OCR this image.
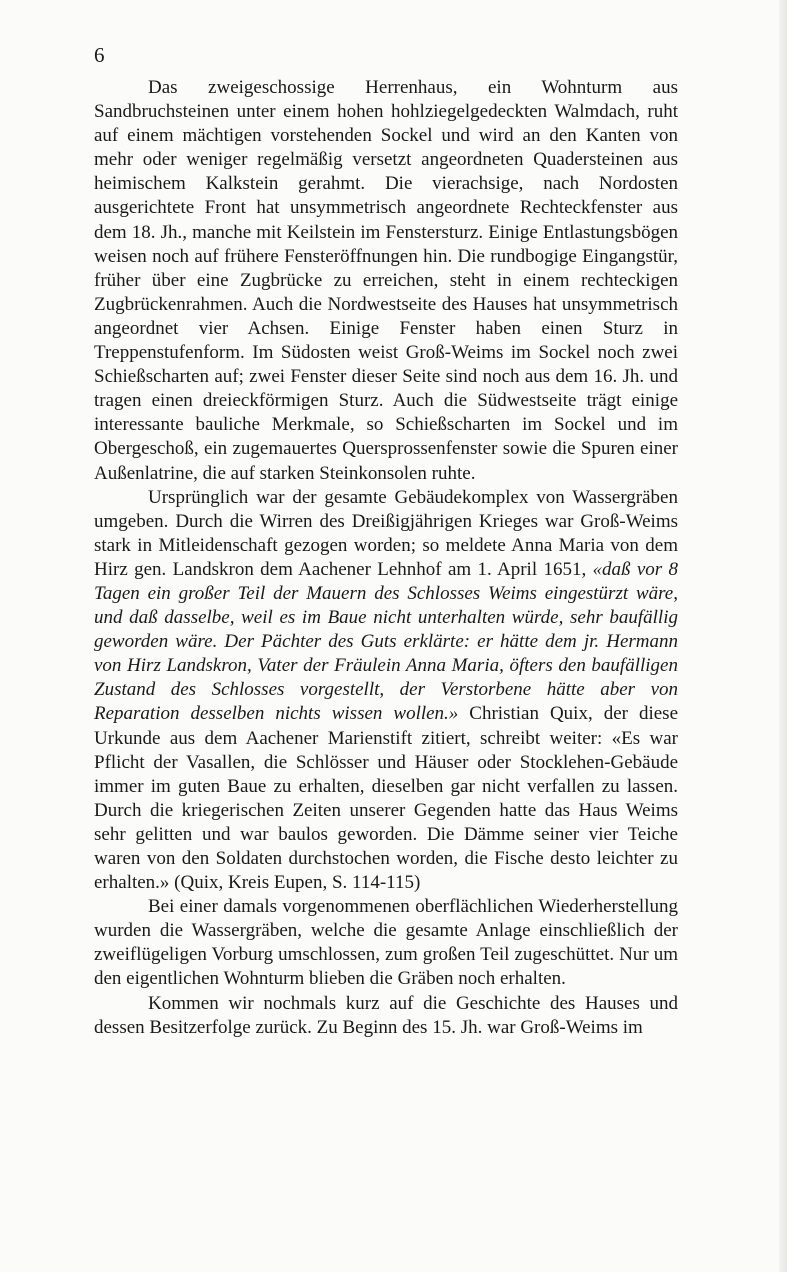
6

Das zweigeschossige Herrenhaus, ein Wohnturm aus Sandbruchsteinen unter einem hohen hohlziegelgedeckten Walmdach, ruht auf einem mächtigen vorstehenden Sockel und wird an den Kanten von mehr oder weniger regelmäßig versetzt angeordneten Quadersteinen aus heimischem Kalkstein gerahmt. Die vierachsige, nach Nordosten ausgerichtete Front hat unsymmetrisch angeordnete Rechteckfenster aus dem 18. Jh., manche mit Keilstein im Fenstersturz. Einige Entlastungsbögen weisen noch auf frühere Fensteröffnungen hin. Die rundbogige Eingangstür, früher über eine Zugbrücke zu erreichen, steht in einem rechteckigen Zugbrückenrahmen. Auch die Nordwestseite des Hauses hat unsymmetrisch angeordnet vier Achsen. Einige Fenster haben einen Sturz in Treppenstufenform. Im Südosten weist Groß-Weims im Sockel noch zwei Schießscharten auf; zwei Fenster dieser Seite sind noch aus dem 16. Jh. und tragen einen dreieckförmigen Sturz. Auch die Südwestseite trägt einige interessante bauliche Merkmale, so Schießscharten im Sockel und im Obergeschoß, ein zugemauertes Quersprossenfenster sowie die Spuren einer Außenlatrine, die auf starken Steinkonsolen ruhte.

Ursprünglich war der gesamte Gebäudekomplex von Wassergräben umgeben. Durch die Wirren des Dreißigjährigen Krieges war Groß-Weims stark in Mitleidenschaft gezogen worden; so meldete Anna Maria von dem Hirz gen. Landskron dem Aachener Lehnhof am 1. April 1651, «daß vor 8 Tagen ein großer Teil der Mauern des Schlosses Weims eingestürzt wäre, und daß dasselbe, weil es im Baue nicht unterhalten würde, sehr baufällig geworden wäre. Der Pächter des Guts erklärte: er hätte dem jr. Hermann von Hirz Landskron, Vater der Fräulein Anna Maria, öfters den baufälligen Zustand des Schlosses vorgestellt, der Verstorbene hätte aber von Reparation desselben nichts wissen wollen.» Christian Quix, der diese Urkunde aus dem Aachener Marienstift zitiert, schreibt weiter: «Es war Pflicht der Vasallen, die Schlösser und Häuser oder Stocklehen-Gebäude immer im guten Baue zu erhalten, dieselben gar nicht verfallen zu lassen. Durch die kriegerischen Zeiten unserer Gegenden hatte das Haus Weims sehr gelitten und war baulos geworden. Die Dämme seiner vier Teiche waren von den Soldaten durchstochen worden, die Fische desto leichter zu erhalten.» (Quix, Kreis Eupen, S. 114-115)

Bei einer damals vorgenommenen oberflächlichen Wiederherstellung wurden die Wassergräben, welche die gesamte Anlage einschließlich der zweiflügeligen Vorburg umschlossen, zum großen Teil zugeschüttet. Nur um den eigentlichen Wohnturm blieben die Gräben noch erhalten.

Kommen wir nochmals kurz auf die Geschichte des Hauses und dessen Besitzerfolge zurück. Zu Beginn des 15. Jh. war Groß-Weims im
